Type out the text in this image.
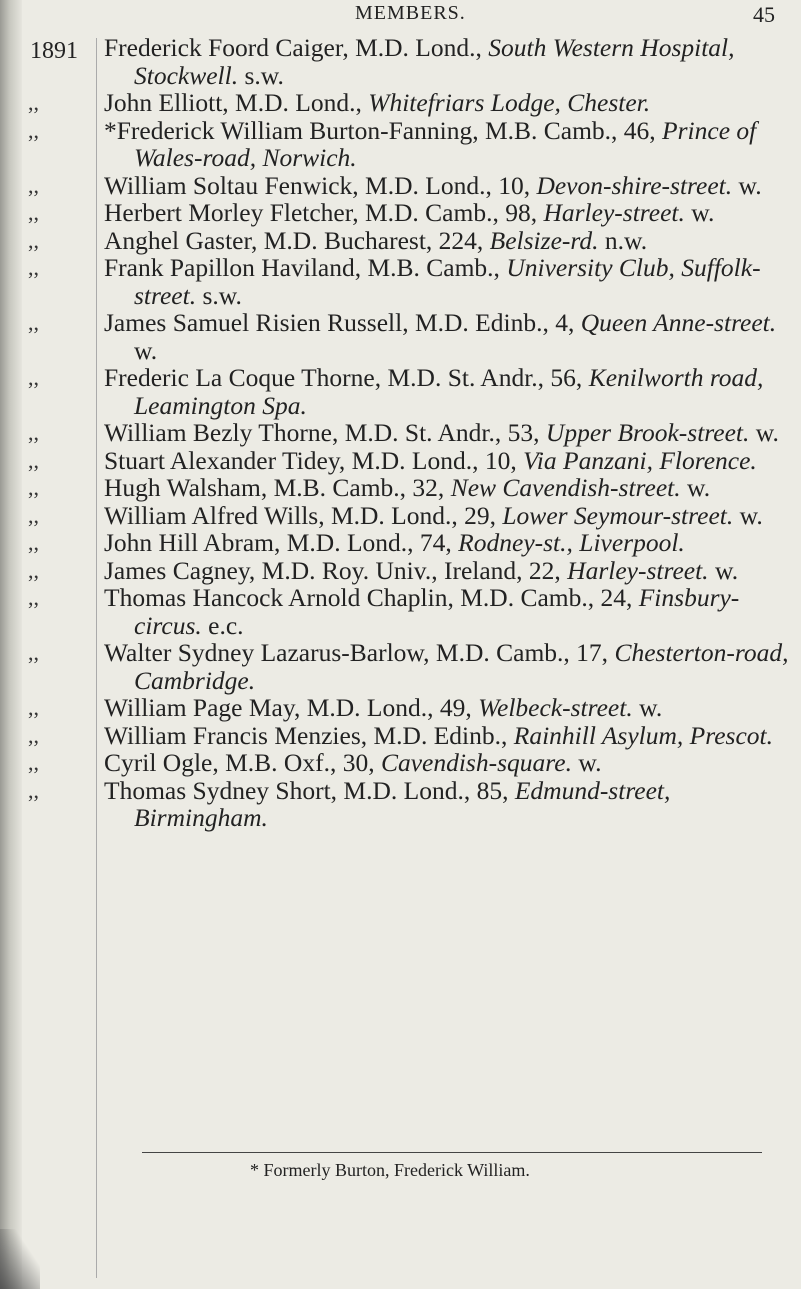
MEMBERS.	45
1891 Frederick Foord Caiger, M.D. Lond., South Western Hospital, Stockwell. s.w.
,,	John Elliott, M.D. Lond., Whitefriars Lodge, Chester.
,,	*Frederick William Burton-Fanning, M.B. Camb., 46, Prince of Wales-road, Norwich.
,,	William Soltau Fenwick, M.D. Lond., 10, Devon-shire-street. w.
,,	Herbert Morley Fletcher, M.D. Camb., 98, Harley-street. w.
,,	Anghel Gaster, M.D. Bucharest, 224, Belsize-rd. n.w.
,,	Frank Papillon Haviland, M.B. Camb., University Club, Suffolk-street. s.w.
,,	James Samuel Risien Russell, M.D. Edinb., 4, Queen Anne-street. w.
,,	Frederic La Coque Thorne, M.D. St. Andr., 56, Kenilworth road, Leamington Spa.
,,	William Bezly Thorne, M.D. St. Andr., 53, Upper Brook-street. w.
,,	Stuart Alexander Tidey, M.D. Lond., 10, Via Panzani, Florence.
,,	Hugh Walsham, M.B. Camb., 32, New Cavendish-street. w.
,,	William Alfred Wills, M.D. Lond., 29, Lower Seymour-street. w.
,,	John Hill Abram, M.D. Lond., 74, Rodney-st., Liverpool.
,,	James Cagney, M.D. Roy. Univ., Ireland, 22, Harley-street. w.
,,	Thomas Hancock Arnold Chaplin, M.D. Camb., 24, Finsbury-circus. e.c.
,,	Walter Sydney Lazarus-Barlow, M.D. Camb., 17, Chesterton-road, Cambridge.
,,	William Page May, M.D. Lond., 49, Welbeck-street. w.
,,	William Francis Menzies, M.D. Edinb., Rainhill Asylum, Prescot.
,,	Cyril Ogle, M.B. Oxf., 30, Cavendish-square. w.
,,	Thomas Sydney Short, M.D. Lond., 85, Edmund-street, Birmingham.
* Formerly Burton, Frederick William.
